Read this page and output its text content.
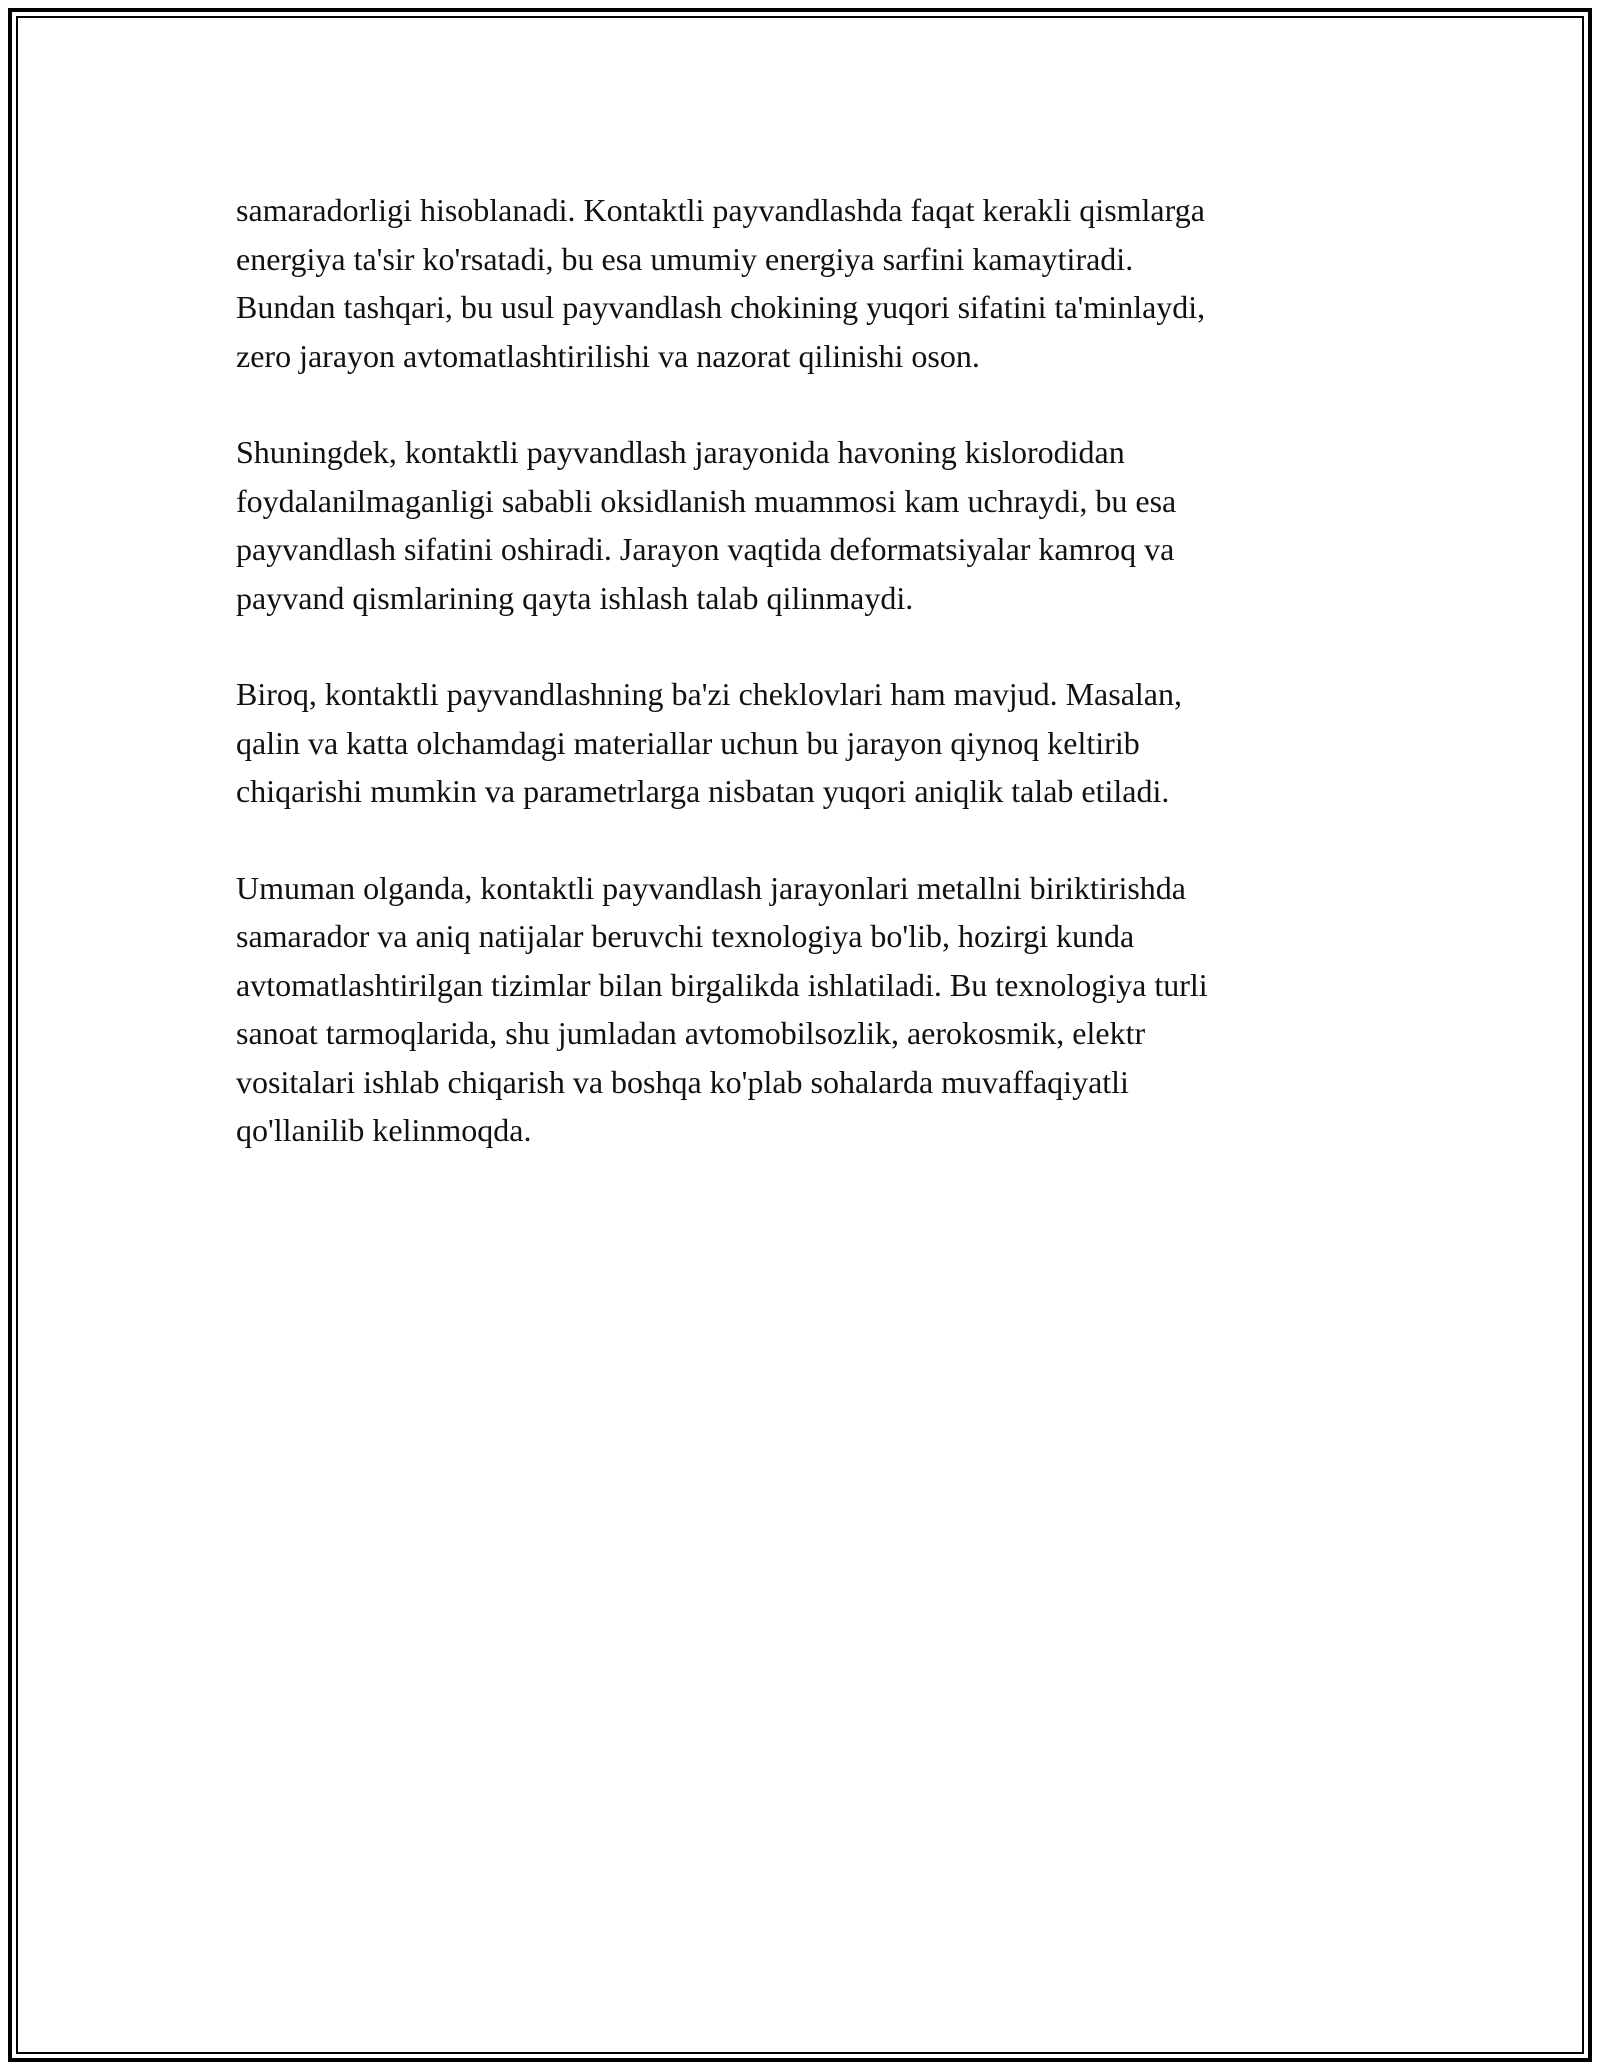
samaradorligi hisoblanadi. Kontaktli payvandlashda faqat kerakli qismlarga
energiya ta'sir ko'rsatadi, bu esa umumiy energiya sarfini kamaytiradi.
Bundan tashqari, bu usul payvandlash chokining yuqori sifatini ta'minlaydi,
zero jarayon avtomatlashtirilishi va nazorat qilinishi oson.

Shuningdek, kontaktli payvandlash jarayonida havoning kislorodidan
foydalanilmaganligi sababli oksidlanish muammosi kam uchraydi, bu esa
payvandlash sifatini oshiradi. Jarayon vaqtida deformatsiyalar kamroq va
payvand qismlarining qayta ishlash talab qilinmaydi.

Biroq, kontaktli payvandlashning ba'zi cheklovlari ham mavjud. Masalan,
qalin va katta olchamdagi materiallar uchun bu jarayon qiynoq keltirib
chiqarishi mumkin va parametrlarga nisbatan yuqori aniqlik talab etiladi.

Umuman olganda, kontaktli payvandlash jarayonlari metallni biriktirishda
samarador va aniq natijalar beruvchi texnologiya bo'lib, hozirgi kunda
avtomatlashtirilgan tizimlar bilan birgalikda ishlatiladi. Bu texnologiya turli
sanoat tarmoqlarida, shu jumladan avtomobilsozlik, aerokosmik, elektr
vositalari ishlab chiqarish va boshqa ko'plab sohalarda muvaffaqiyatli
qo'llanilib kelinmoqda.
